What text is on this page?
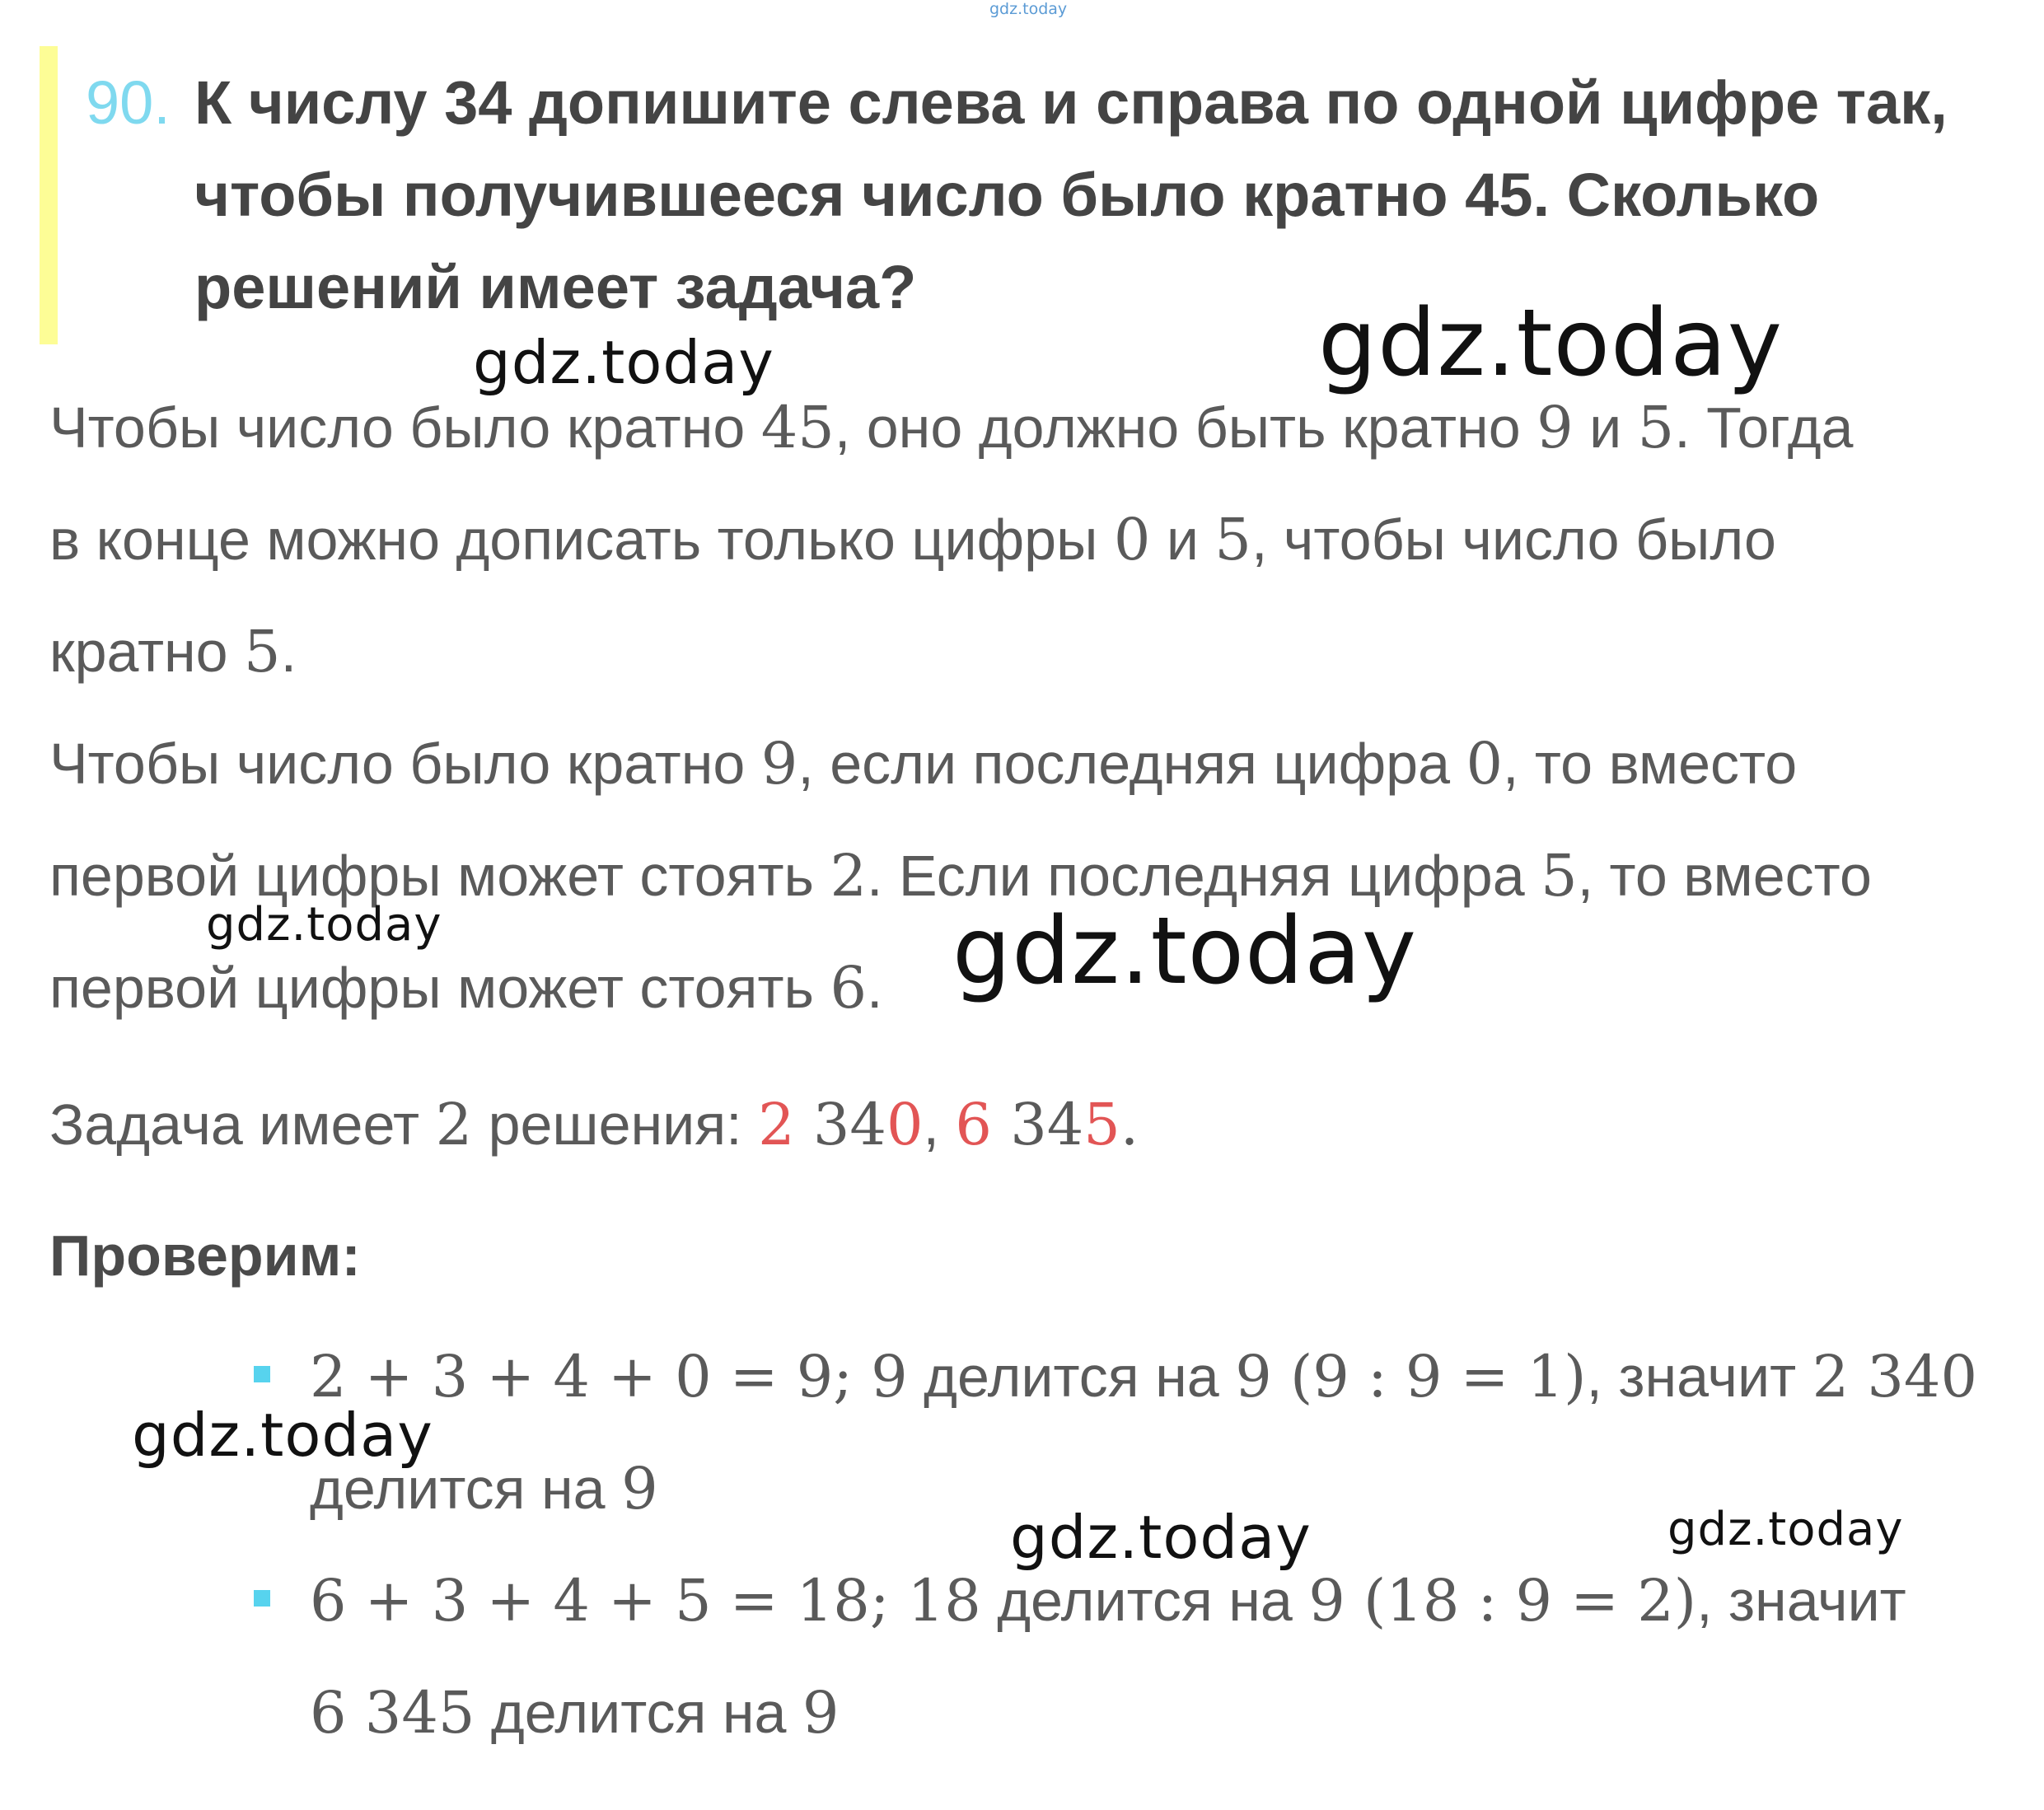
gdz.today
90. К числу 34 допишите слева и справа по одной цифре так,
чтобы получившееся число было кратно 45. Сколько
решений имеет задача?
Чтобы число было кратно 45, оно должно быть кратно 9 и 5. Тогда
в конце можно дописать только цифры 0 и 5, чтобы число было
кратно 5.
Чтобы число было кратно 9, если последняя цифра 0, то вместо
первой цифры может стоять 2. Если последняя цифра 5, то вместо
первой цифры может стоять 6.
Задача имеет 2 решения: 2 340, 6 345.
Проверим:
2 + 3 + 4 + 0 = 9; 9 делится на 9 (9 : 9 = 1), значит 2 340
делится на 9
6 + 3 + 4 + 5 = 18; 18 делится на 9 (18 : 9 = 2), значит
6 345 делится на 9
gdz.today	gdz.today
gdz.today	gdz.today
gdz.today
gdz.today	gdz.today
